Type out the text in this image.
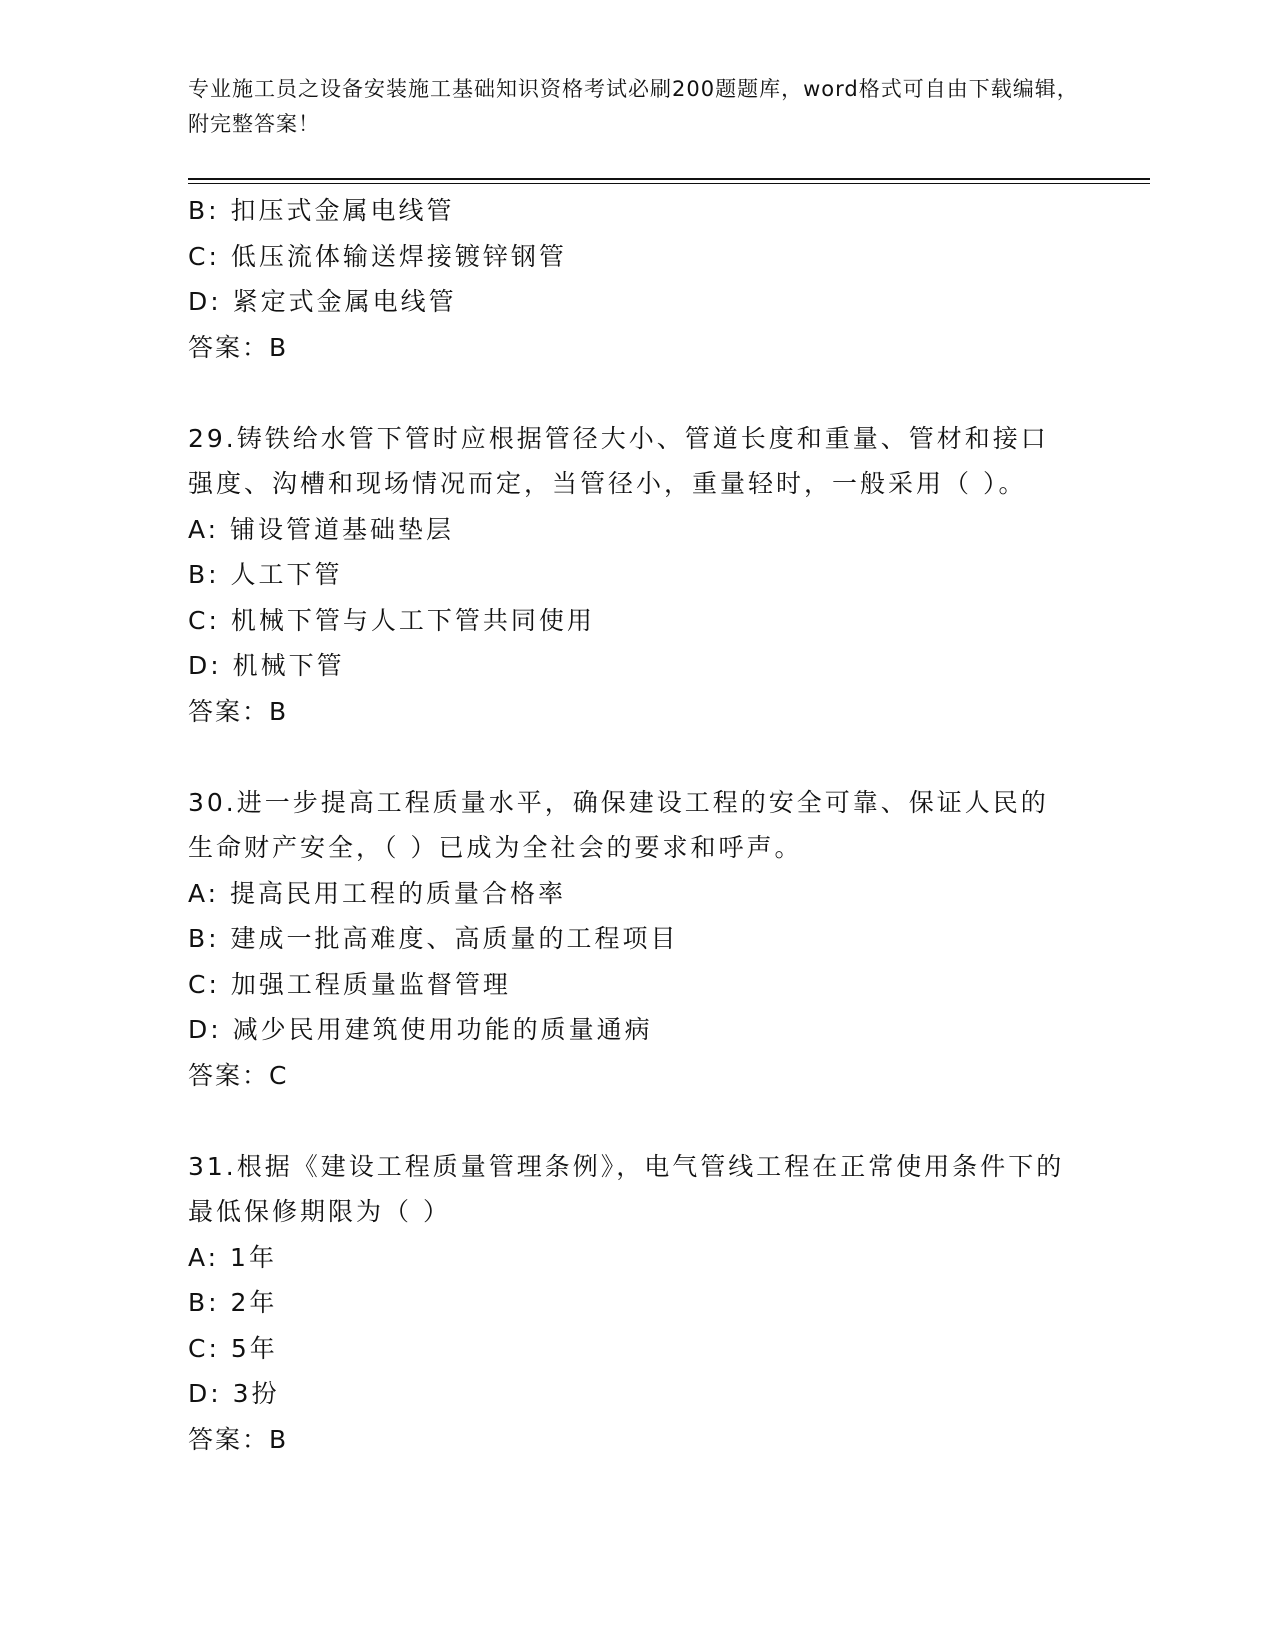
专业施工员之设备安装施工基础知识资格考试必刷200题题库，word格式可自由下载编辑，附完整答案！
B: 扣压式金属电线管
C: 低压流体输送焊接镀锌钢管
D: 紧定式金属电线管
答案：B
29.铸铁给水管下管时应根据管径大小、管道长度和重量、管材和接口强度、沟槽和现场情况而定，当管径小，重量轻时，一般采用（ ）。
A: 铺设管道基础垫层
B: 人工下管
C: 机械下管与人工下管共同使用
D: 机械下管
答案：B
30.进一步提高工程质量水平，确保建设工程的安全可靠、保证人民的生命财产安全，（ ）已成为全社会的要求和呼声。
A: 提高民用工程的质量合格率
B: 建成一批高难度、高质量的工程项目
C: 加强工程质量监督管理
D: 减少民用建筑使用功能的质量通病
答案：C
31.根据《建设工程质量管理条例》，电气管线工程在正常使用条件下的最低保修期限为（ ）
A: 1年
B: 2年
C: 5年
D: 3扮
答案：B
